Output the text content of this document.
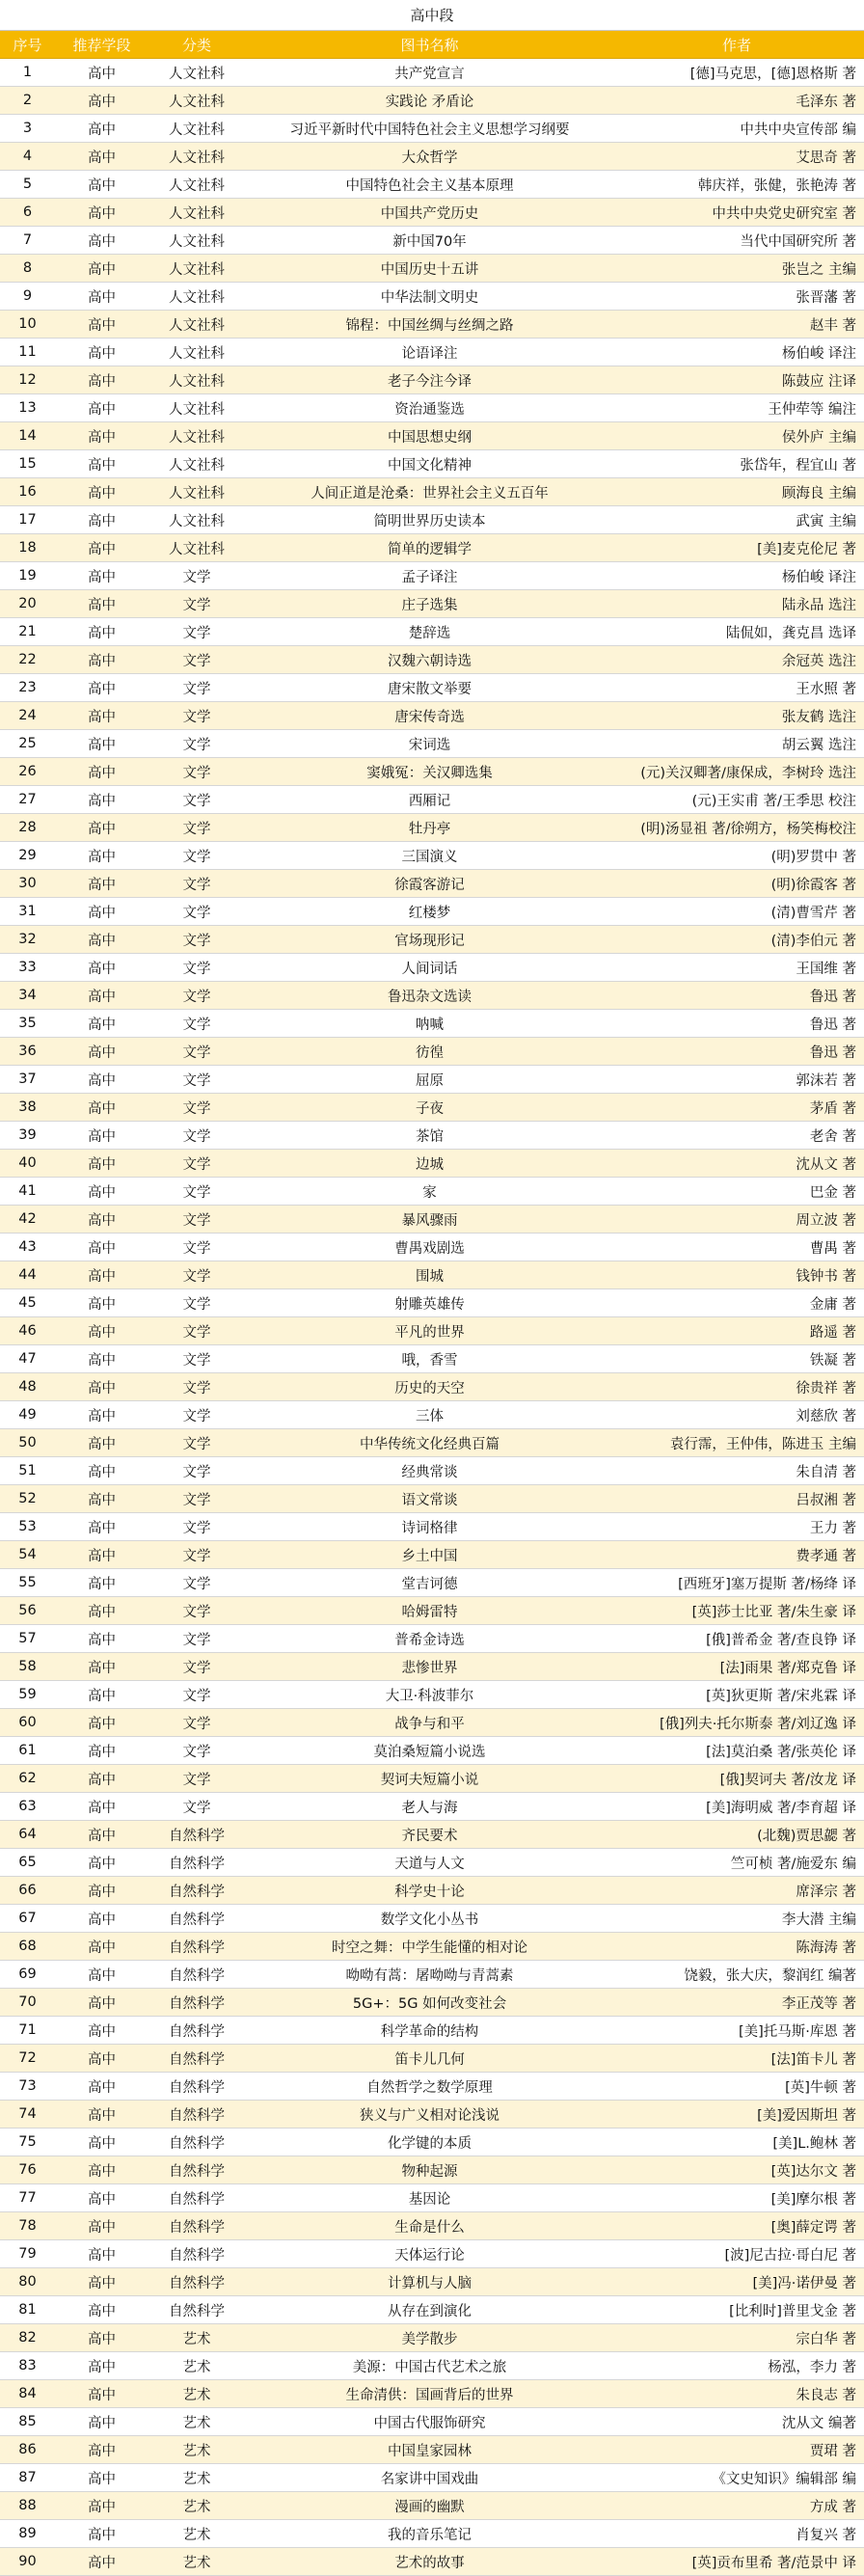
高中段
序号	推荐学段	分类	图书名称	作者
1	高中	人文社科	共产党宣言	[德]马克思，[德]恩格斯 著
2	高中	人文社科	实践论 矛盾论	毛泽东 著
3	高中	人文社科	习近平新时代中国特色社会主义思想学习纲要	中共中央宣传部 编
4	高中	人文社科	大众哲学	艾思奇 著
5	高中	人文社科	中国特色社会主义基本原理	韩庆祥，张健，张艳涛 著
6	高中	人文社科	中国共产党历史	中共中央党史研究室 著
7	高中	人文社科	新中国70年	当代中国研究所 著
8	高中	人文社科	中国历史十五讲	张岂之 主编
9	高中	人文社科	中华法制文明史	张晋藩 著
10	高中	人文社科	锦程：中国丝绸与丝绸之路	赵丰 著
11	高中	人文社科	论语译注	杨伯峻 译注
12	高中	人文社科	老子今注今译	陈鼓应 注译
13	高中	人文社科	资治通鉴选	王仲荦等 编注
14	高中	人文社科	中国思想史纲	侯外庐 主编
15	高中	人文社科	中国文化精神	张岱年，程宜山 著
16	高中	人文社科	人间正道是沧桑：世界社会主义五百年	顾海良 主编
17	高中	人文社科	简明世界历史读本	武寅 主编
18	高中	人文社科	简单的逻辑学	[美]麦克伦尼 著
19	高中	文学	孟子译注	杨伯峻 译注
20	高中	文学	庄子选集	陆永品 选注
21	高中	文学	楚辞选	陆侃如，龚克昌 选译
22	高中	文学	汉魏六朝诗选	余冠英 选注
23	高中	文学	唐宋散文举要	王水照 著
24	高中	文学	唐宋传奇选	张友鹤 选注
25	高中	文学	宋词选	胡云翼 选注
26	高中	文学	窦娥冤：关汉卿选集	(元)关汉卿著/康保成，李树玲 选注
27	高中	文学	西厢记	(元)王实甫 著/王季思 校注
28	高中	文学	牡丹亭	(明)汤显祖 著/徐朔方，杨笑梅校注
29	高中	文学	三国演义	(明)罗贯中 著
30	高中	文学	徐霞客游记	(明)徐霞客 著
31	高中	文学	红楼梦	(清)曹雪芹 著
32	高中	文学	官场现形记	(清)李伯元 著
33	高中	文学	人间词话	王国维 著
34	高中	文学	鲁迅杂文选读	鲁迅 著
35	高中	文学	呐喊	鲁迅 著
36	高中	文学	彷徨	鲁迅 著
37	高中	文学	屈原	郭沫若 著
38	高中	文学	子夜	茅盾 著
39	高中	文学	茶馆	老舍 著
40	高中	文学	边城	沈从文 著
41	高中	文学	家	巴金 著
42	高中	文学	暴风骤雨	周立波 著
43	高中	文学	曹禺戏剧选	曹禺 著
44	高中	文学	围城	钱钟书 著
45	高中	文学	射雕英雄传	金庸 著
46	高中	文学	平凡的世界	路遥 著
47	高中	文学	哦，香雪	铁凝 著
48	高中	文学	历史的天空	徐贵祥 著
49	高中	文学	三体	刘慈欣 著
50	高中	文学	中华传统文化经典百篇	袁行霈，王仲伟，陈进玉 主编
51	高中	文学	经典常谈	朱自清 著
52	高中	文学	语文常谈	吕叔湘 著
53	高中	文学	诗词格律	王力 著
54	高中	文学	乡土中国	费孝通 著
55	高中	文学	堂吉诃德	[西班牙]塞万提斯 著/杨绛 译
56	高中	文学	哈姆雷特	[英]莎士比亚 著/朱生豪 译
57	高中	文学	普希金诗选	[俄]普希金 著/查良铮 译
58	高中	文学	悲惨世界	[法]雨果 著/郑克鲁 译
59	高中	文学	大卫·科波菲尔	[英]狄更斯 著/宋兆霖 译
60	高中	文学	战争与和平	[俄]列夫·托尔斯泰 著/刘辽逸 译
61	高中	文学	莫泊桑短篇小说选	[法]莫泊桑 著/张英伦 译
62	高中	文学	契诃夫短篇小说	[俄]契诃夫 著/汝龙 译
63	高中	文学	老人与海	[美]海明威 著/李育超 译
64	高中	自然科学	齐民要术	(北魏)贾思勰 著
65	高中	自然科学	天道与人文	竺可桢 著/施爱东 编
66	高中	自然科学	科学史十论	席泽宗 著
67	高中	自然科学	数学文化小丛书	李大潜 主编
68	高中	自然科学	时空之舞：中学生能懂的相对论	陈海涛 著
69	高中	自然科学	呦呦有蒿：屠呦呦与青蒿素	饶毅，张大庆，黎润红 编著
70	高中	自然科学	5G+：5G 如何改变社会	李正茂等 著
71	高中	自然科学	科学革命的结构	[美]托马斯·库恩 著
72	高中	自然科学	笛卡儿几何	[法]笛卡儿 著
73	高中	自然科学	自然哲学之数学原理	[英]牛顿 著
74	高中	自然科学	狭义与广义相对论浅说	[美]爱因斯坦 著
75	高中	自然科学	化学键的本质	[美]L.鲍林 著
76	高中	自然科学	物种起源	[英]达尔文 著
77	高中	自然科学	基因论	[美]摩尔根 著
78	高中	自然科学	生命是什么	[奥]薛定谔 著
79	高中	自然科学	天体运行论	[波]尼古拉·哥白尼 著
80	高中	自然科学	计算机与人脑	[美]冯·诺伊曼 著
81	高中	自然科学	从存在到演化	[比利时]普里戈金 著
82	高中	艺术	美学散步	宗白华 著
83	高中	艺术	美源：中国古代艺术之旅	杨泓，李力 著
84	高中	艺术	生命清供：国画背后的世界	朱良志 著
85	高中	艺术	中国古代服饰研究	沈从文 编著
86	高中	艺术	中国皇家园林	贾珺 著
87	高中	艺术	名家讲中国戏曲	《文史知识》编辑部 编
88	高中	艺术	漫画的幽默	方成 著
89	高中	艺术	我的音乐笔记	肖复兴 著
90	高中	艺术	艺术的故事	[英]贡布里希 著/范景中 译
